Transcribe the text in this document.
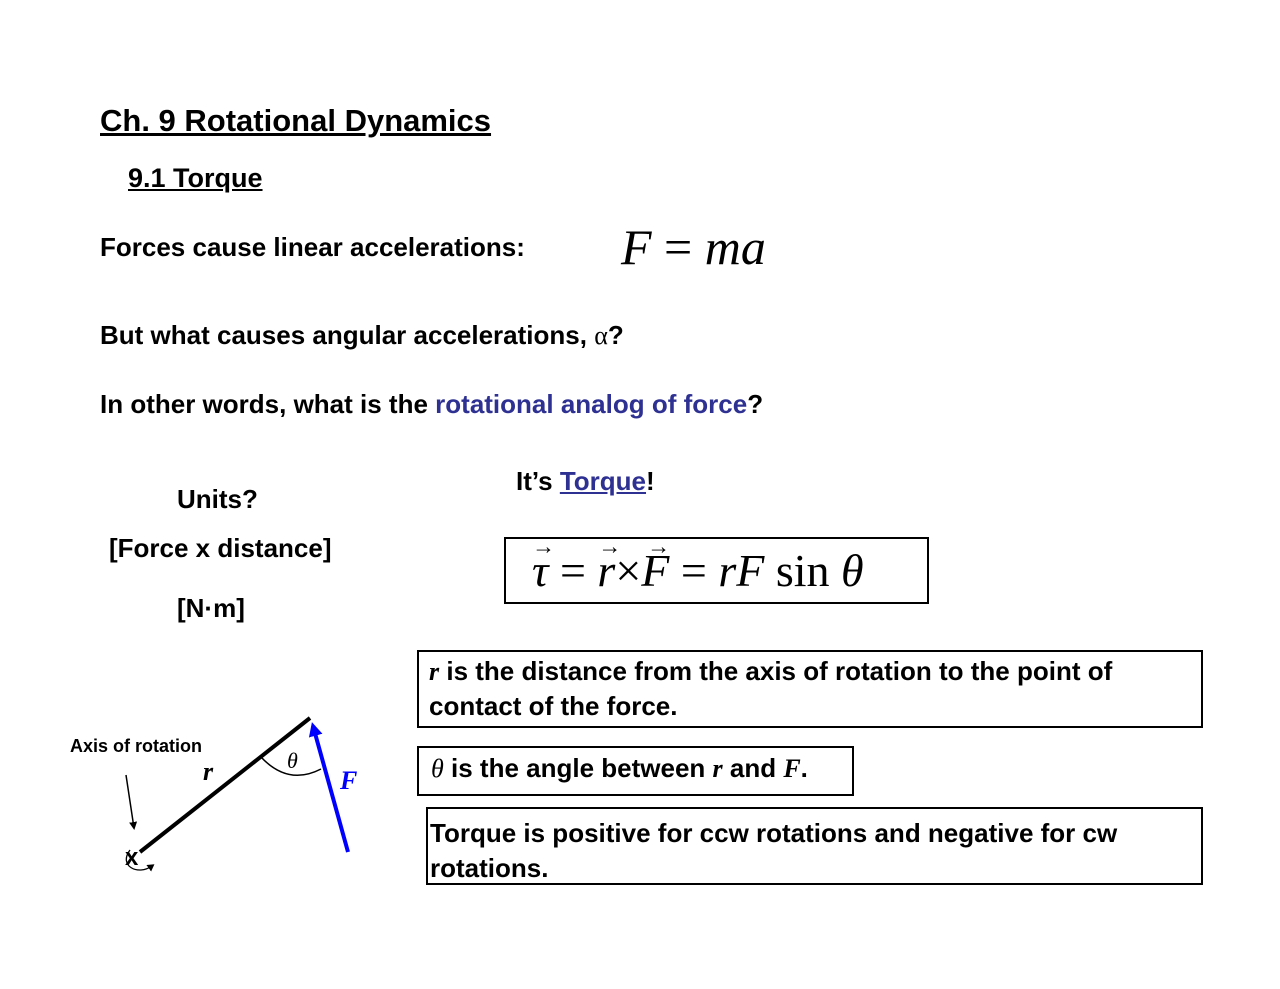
Ch. 9 Rotational Dynamics
9.1 Torque
Forces cause linear accelerations: F = ma
But what causes angular accelerations, α?
In other words, what is the rotational analog of force?
Units?
[Force x distance]
[N·m]
It’s Torque!
→ τ = → r×→ F = rF sin θ
r is the distance from the axis of rotation to the point of contact of the force.
θ is the angle between r and F.
Torque is positive for ccw rotations and negative for cw rotations.
Axis of rotation
x
r	θ
F
